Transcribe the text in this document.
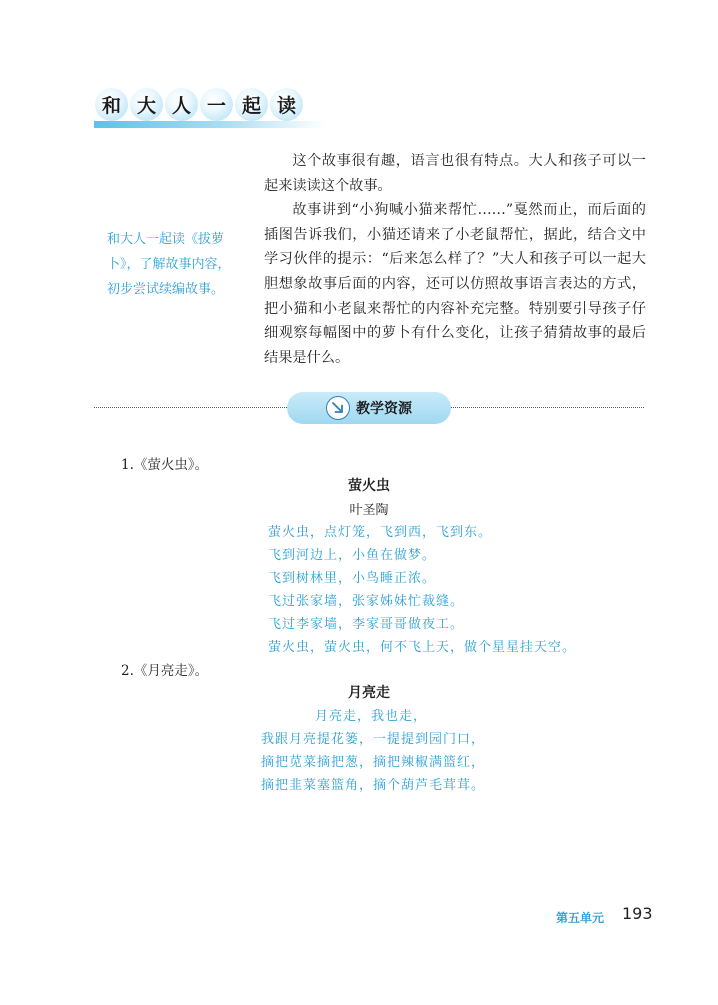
和 大 人 一 起 读
和大人一起读《拔萝卜》，了解故事内容，初步尝试续编故事。

这个故事很有趣，语言也很有特点。大人和孩子可以一起来读读这个故事。

故事讲到“小狗喊小猫来帮忙……”戛然而止，而后面的插图告诉我们，小猫还请来了小老鼠帮忙，据此，结合文中学习伙伴的提示：“后来怎么样了？”大人和孩子可以一起大胆想象故事后面的内容，还可以仿照故事语言表达的方式，把小猫和小老鼠来帮忙的内容补充完整。特别要引导孩子仔细观察每幅图中的萝卜有什么变化，让孩子猜猜故事的最后结果是什么。

教学资源
1.《萤火虫》。
萤火虫
叶圣陶
萤火虫，点灯笼，飞到西，飞到东。
飞到河边上，小鱼在做梦。
飞到树林里，小鸟睡正浓。
飞过张家墙，张家姊妹忙裁缝。
飞过李家墙，李家哥哥做夜工。
萤火虫，萤火虫，何不飞上天，做个星星挂天空。
2.《月亮走》。
月亮走
月亮走，我也走，
我跟月亮提花篓，一提提到园门口，
摘把苋菜摘把葱，摘把辣椒满篮红，
摘把韭菜塞篮角，摘个葫芦毛茸茸。
第五单元 193
